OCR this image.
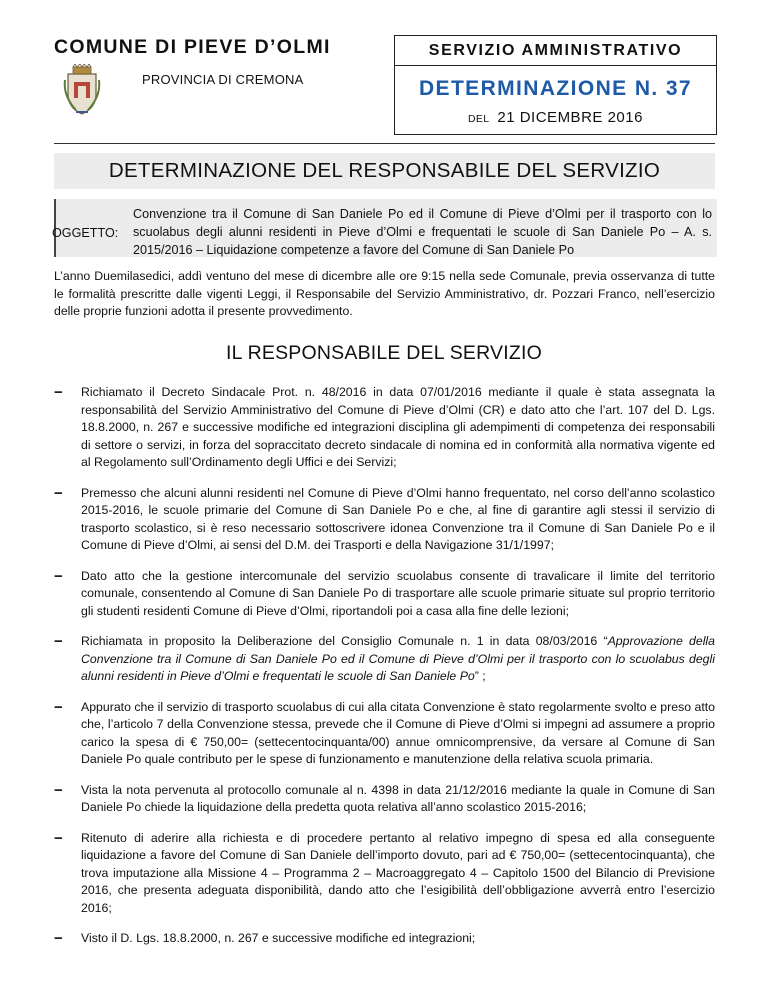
COMUNE DI PIEVE D’OLMI
PROVINCIA DI CREMONA
SERVIZIO AMMINISTRATIVO
DETERMINAZIONE N. 37
DEL 21 DICEMBRE 2016
DETERMINAZIONE DEL RESPONSABILE DEL SERVIZIO
OGGETTO:
Convenzione tra il Comune di San Daniele Po ed il Comune di Pieve d’Olmi per il trasporto con lo scuolabus degli alunni residenti in Pieve d’Olmi e frequentati le scuole di San Daniele Po – A. s. 2015/2016 – Liquidazione competenze a favore del Comune di San Daniele Po
L’anno Duemilasedici, addì ventuno del mese di dicembre alle ore 9:15 nella sede Comunale, previa osservanza di tutte le formalità prescritte dalle vigenti Leggi, il Responsabile del Servizio Amministrativo, dr. Pozzari Franco, nell’esercizio delle proprie funzioni adotta il presente provvedimento.
IL RESPONSABILE DEL SERVIZIO
− Richiamato il Decreto Sindacale Prot. n. 48/2016 in data 07/01/2016 mediante il quale è stata assegnata la responsabilità del Servizio Amministrativo del Comune di Pieve d’Olmi (CR) e dato atto che l’art. 107 del D. Lgs. 18.8.2000, n. 267 e successive modifiche ed integrazioni disciplina gli adempimenti di competenza dei responsabili di settore o servizi, in forza del sopraccitato decreto sindacale di nomina ed in conformità alla normativa vigente ed al Regolamento sull’Ordinamento degli Uffici e dei Servizi;
− Premesso che alcuni alunni residenti nel Comune di Pieve d’Olmi hanno frequentato, nel corso dell’anno scolastico 2015-2016, le scuole primarie del Comune di San Daniele Po e che, al fine di garantire agli stessi il servizio di trasporto scolastico, si è reso necessario sottoscrivere idonea Convenzione tra il Comune di San Daniele Po e il Comune di Pieve d’Olmi, ai sensi del D.M. dei Trasporti e della Navigazione 31/1/1997;
− Dato atto che la gestione intercomunale del servizio scuolabus consente di travalicare il limite del territorio comunale, consentendo al Comune di San Daniele Po di trasportare alle scuole primarie situate sul proprio territorio gli studenti residenti Comune di Pieve d’Olmi, riportandoli poi a casa alla fine delle lezioni;
− Richiamata in proposito la Deliberazione del Consiglio Comunale n. 1 in data 08/03/2016 “Approvazione della Convenzione tra il Comune di San Daniele Po ed il Comune di Pieve d’Olmi per il trasporto con lo scuolabus degli alunni residenti in Pieve d’Olmi e frequentati le scuole di San Daniele Po” ;
− Appurato che il servizio di trasporto scuolabus di cui alla citata Convenzione è stato regolarmente svolto e preso atto che, l’articolo 7 della Convenzione stessa, prevede che il Comune di Pieve d’Olmi si impegni ad assumere a proprio carico la spesa di € 750,00= (settecentocinquanta/00) annue omnicomprensive, da versare al Comune di San Daniele Po quale contributo per le spese di funzionamento e manutenzione della relativa scuola primaria.
− Vista la nota pervenuta al protocollo comunale al n. 4398 in data 21/12/2016 mediante la quale in Comune di San Daniele Po chiede la liquidazione della predetta quota relativa all’anno scolastico 2015-2016;
− Ritenuto di aderire alla richiesta e di procedere pertanto al relativo impegno di spesa ed alla conseguente liquidazione a favore del Comune di San Daniele dell’importo dovuto, pari ad € 750,00= (settecentocinquanta), che trova imputazione alla Missione 4 – Programma 2 – Macroaggregato 4 – Capitolo 1500 del Bilancio di Previsione 2016, che presenta adeguata disponibilità, dando atto che l’esigibilità dell’obbligazione avverrà entro l’esercizio 2016;
− Visto il D. Lgs. 18.8.2000, n. 267 e successive modifiche ed integrazioni;
